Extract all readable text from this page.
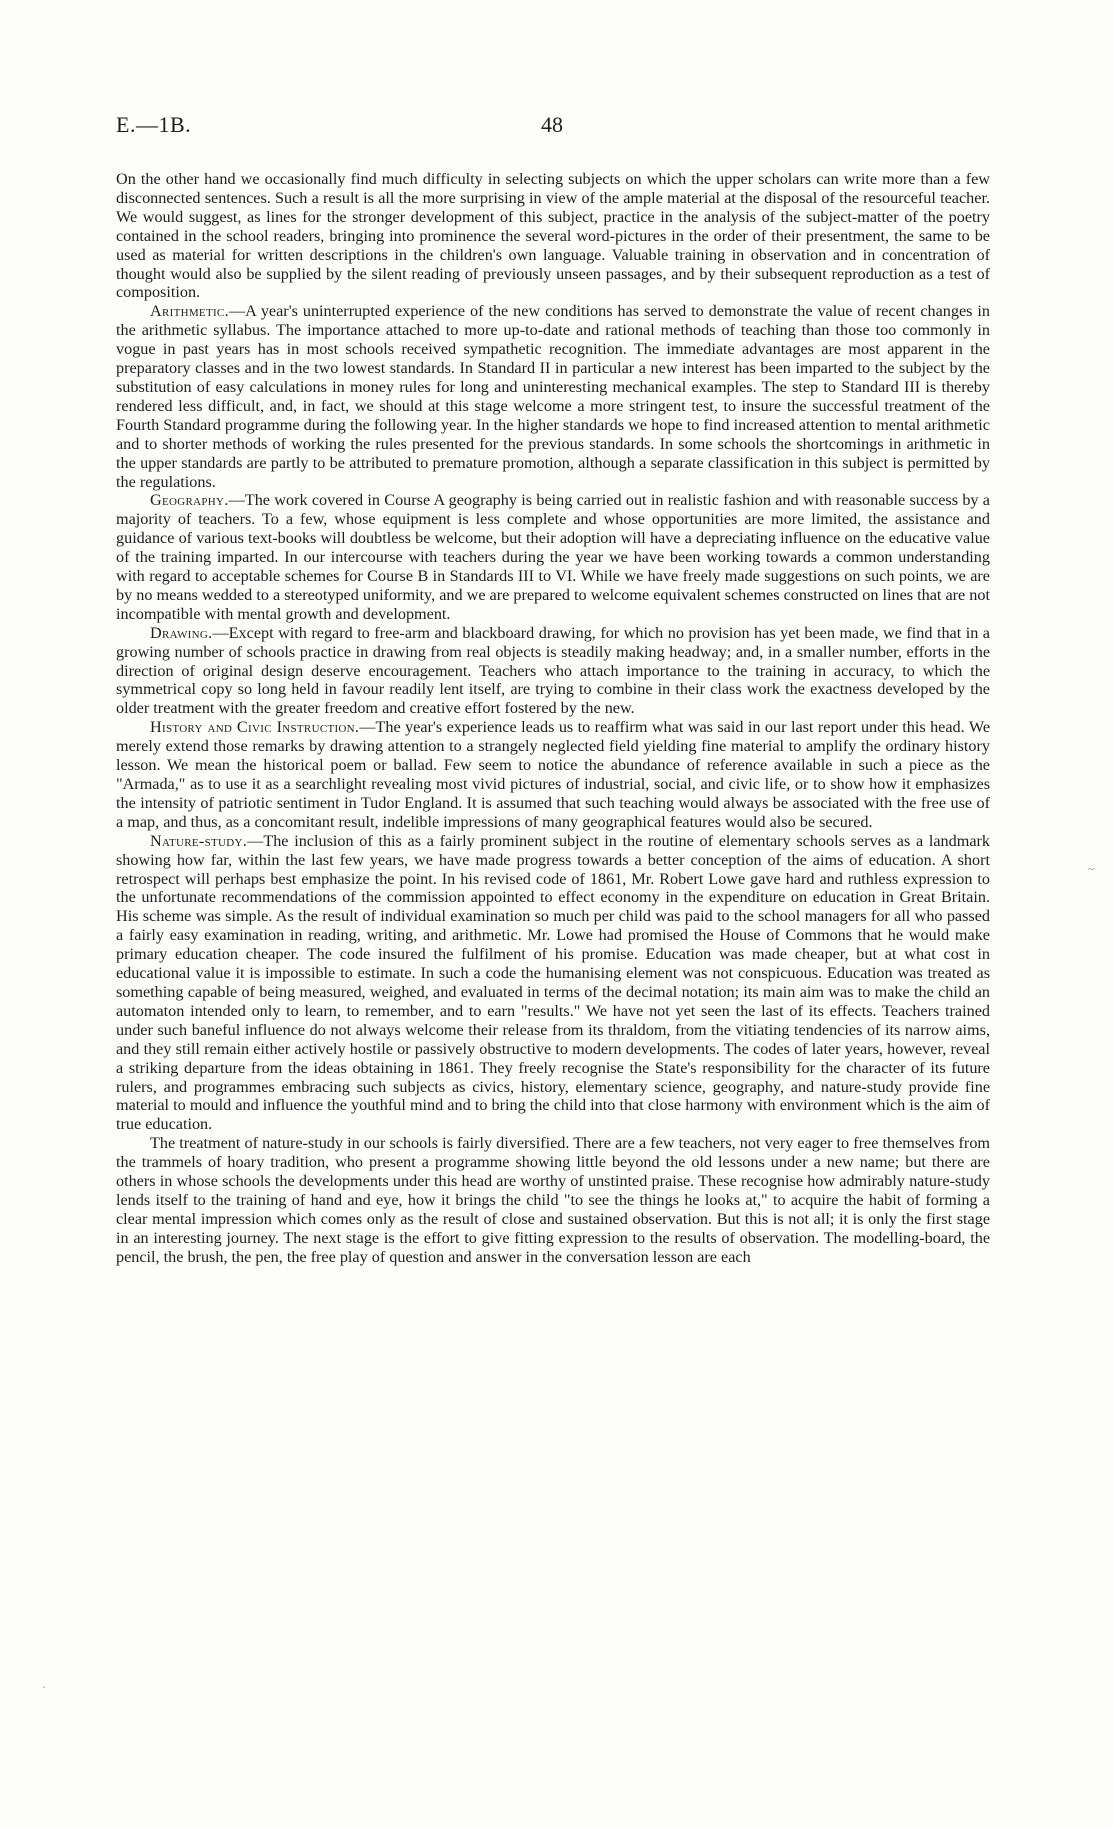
E.—1B.	48

On the other hand we occasionally find much difficulty in selecting subjects on which the upper scholars can write more than a few disconnected sentences. Such a result is all the more surprising in view of the ample material at the disposal of the resourceful teacher. We would suggest, as lines for the stronger development of this subject, practice in the analysis of the subject-matter of the poetry contained in the school readers, bringing into prominence the several word-pictures in the order of their presentment, the same to be used as material for written descriptions in the children's own language. Valuable training in observation and in concentration of thought would also be supplied by the silent reading of previously unseen passages, and by their subsequent reproduction as a test of composition.

Arithmetic.—A year's uninterrupted experience of the new conditions has served to demonstrate the value of recent changes in the arithmetic syllabus. The importance attached to more up-to-date and rational methods of teaching than those too commonly in vogue in past years has in most schools received sympathetic recognition. The immediate advantages are most apparent in the preparatory classes and in the two lowest standards. In Standard II in particular a new interest has been imparted to the subject by the substitution of easy calculations in money rules for long and uninteresting mechanical examples. The step to Standard III is thereby rendered less difficult, and, in fact, we should at this stage welcome a more stringent test, to insure the successful treatment of the Fourth Standard programme during the following year. In the higher standards we hope to find increased attention to mental arithmetic and to shorter methods of working the rules presented for the previous standards. In some schools the shortcomings in arithmetic in the upper standards are partly to be attributed to premature promotion, although a separate classification in this subject is permitted by the regulations.

Geography.—The work covered in Course A geography is being carried out in realistic fashion and with reasonable success by a majority of teachers. To a few, whose equipment is less complete and whose opportunities are more limited, the assistance and guidance of various text-books will doubtless be welcome, but their adoption will have a depreciating influence on the educative value of the training imparted. In our intercourse with teachers during the year we have been working towards a common understanding with regard to acceptable schemes for Course B in Standards III to VI. While we have freely made suggestions on such points, we are by no means wedded to a stereotyped uniformity, and we are prepared to welcome equivalent schemes constructed on lines that are not incompatible with mental growth and development.

Drawing.—Except with regard to free-arm and blackboard drawing, for which no provision has yet been made, we find that in a growing number of schools practice in drawing from real objects is steadily making headway; and, in a smaller number, efforts in the direction of original design deserve encouragement. Teachers who attach importance to the training in accuracy, to which the symmetrical copy so long held in favour readily lent itself, are trying to combine in their class work the exactness developed by the older treatment with the greater freedom and creative effort fostered by the new.

History and Civic Instruction.—The year's experience leads us to reaffirm what was said in our last report under this head. We merely extend those remarks by drawing attention to a strangely neglected field yielding fine material to amplify the ordinary history lesson. We mean the historical poem or ballad. Few seem to notice the abundance of reference available in such a piece as the "Armada," as to use it as a searchlight revealing most vivid pictures of industrial, social, and civic life, or to show how it emphasizes the intensity of patriotic sentiment in Tudor England. It is assumed that such teaching would always be associated with the free use of a map, and thus, as a concomitant result, indelible impressions of many geographical features would also be secured.

Nature-study.—The inclusion of this as a fairly prominent subject in the routine of elementary schools serves as a landmark showing how far, within the last few years, we have made progress towards a better conception of the aims of education. A short retrospect will perhaps best emphasize the point. In his revised code of 1861, Mr. Robert Lowe gave hard and ruthless expression to the unfortunate recommendations of the commission appointed to effect economy in the expenditure on education in Great Britain. His scheme was simple. As the result of individual examination so much per child was paid to the school managers for all who passed a fairly easy examination in reading, writing, and arithmetic. Mr. Lowe had promised the House of Commons that he would make primary education cheaper. The code insured the fulfilment of his promise. Education was made cheaper, but at what cost in educational value it is impossible to estimate. In such a code the humanising element was not conspicuous. Education was treated as something capable of being measured, weighed, and evaluated in terms of the decimal notation; its main aim was to make the child an automaton intended only to learn, to remember, and to earn "results." We have not yet seen the last of its effects. Teachers trained under such baneful influence do not always welcome their release from its thraldom, from the vitiating tendencies of its narrow aims, and they still remain either actively hostile or passively obstructive to modern developments. The codes of later years, however, reveal a striking departure from the ideas obtaining in 1861. They freely recognise the State's responsibility for the character of its future rulers, and programmes embracing such subjects as civics, history, elementary science, geography, and nature-study provide fine material to mould and influence the youthful mind and to bring the child into that close harmony with environment which is the aim of true education.

The treatment of nature-study in our schools is fairly diversified. There are a few teachers, not very eager to free themselves from the trammels of hoary tradition, who present a programme showing little beyond the old lessons under a new name; but there are others in whose schools the developments under this head are worthy of unstinted praise. These recognise how admirably nature-study lends itself to the training of hand and eye, how it brings the child "to see the things he looks at," to acquire the habit of forming a clear mental impression which comes only as the result of close and sustained observation. But this is not all; it is only the first stage in an interesting journey. The next stage is the effort to give fitting expression to the results of observation. The modelling-board, the pencil, the brush, the pen, the free play of question and answer in the conversation lesson are each

~
·
